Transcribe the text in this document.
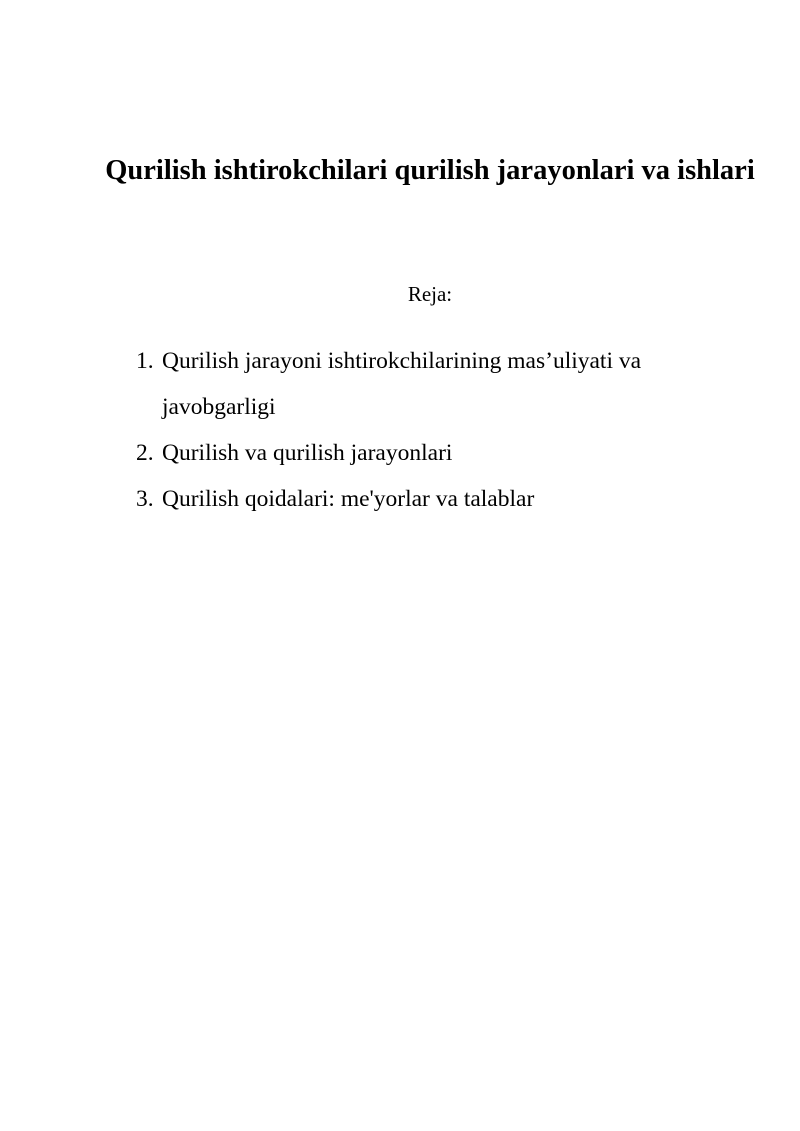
Qurilish ishtirokchilari qurilish jarayonlari va ishlari

Reja:

1. Qurilish jarayoni ishtirokchilarining mas’uliyati va javobgarligi
2. Qurilish va qurilish jarayonlari
3. Qurilish qoidalari: me'yorlar va talablar
